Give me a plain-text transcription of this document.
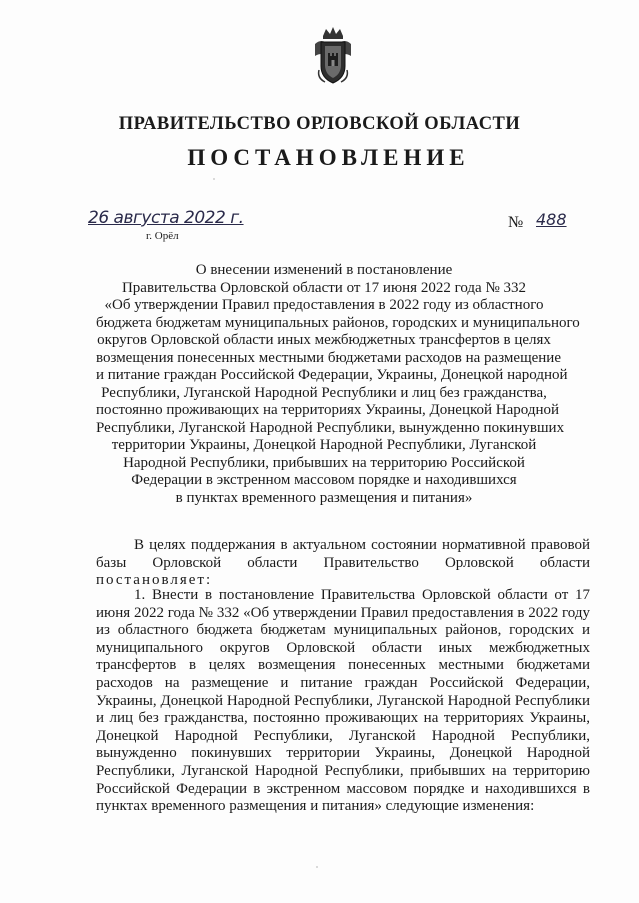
ПРАВИТЕЛЬСТВО ОРЛОВСКОЙ ОБЛАСТИ
ПОСТАНОВЛЕНИЕ
26 августа 2022 г.
г. Орёл
№ 488
О внесении изменений в постановление
Правительства Орловской области от 17 июня 2022 года № 332
«Об утверждении Правил предоставления в 2022 году из областного
бюджета бюджетам муниципальных районов, городских и муниципального
округов Орловской области иных межбюджетных трансфертов в целях
возмещения понесенных местными бюджетами расходов на размещение
и питание граждан Российской Федерации, Украины, Донецкой народной
Республики, Луганской Народной Республики и лиц без гражданства,
постоянно проживающих на территориях Украины, Донецкой Народной
Республики, Луганской Народной Республики, вынужденно покинувших
территории Украины, Донецкой Народной Республики, Луганской
Народной Республики, прибывших на территорию Российской
Федерации в экстренном массовом порядке и находившихся
в пунктах временного размещения и питания»

В целях поддержания в актуальном состоянии нормативной правовой базы Орловской области Правительство Орловской области постановляет:

1. Внести в постановление Правительства Орловской области от 17 июня 2022 года № 332 «Об утверждении Правил предоставления в 2022 году из областного бюджета бюджетам муниципальных районов, городских и муниципального округов Орловской области иных межбюджетных трансфертов в целях возмещения понесенных местными бюджетами расходов на размещение и питание граждан Российской Федерации, Украины, Донецкой Народной Республики, Луганской Народной Республики и лиц без гражданства, постоянно проживающих на территориях Украины, Донецкой Народной Республики, Луганской Народной Республики, вынужденно покинувших территории Украины, Донецкой Народной Республики, Луганской Народной Республики, прибывших на территорию Российской Федерации в экстренном массовом порядке и находившихся в пунктах временного размещения и питания» следующие изменения:
